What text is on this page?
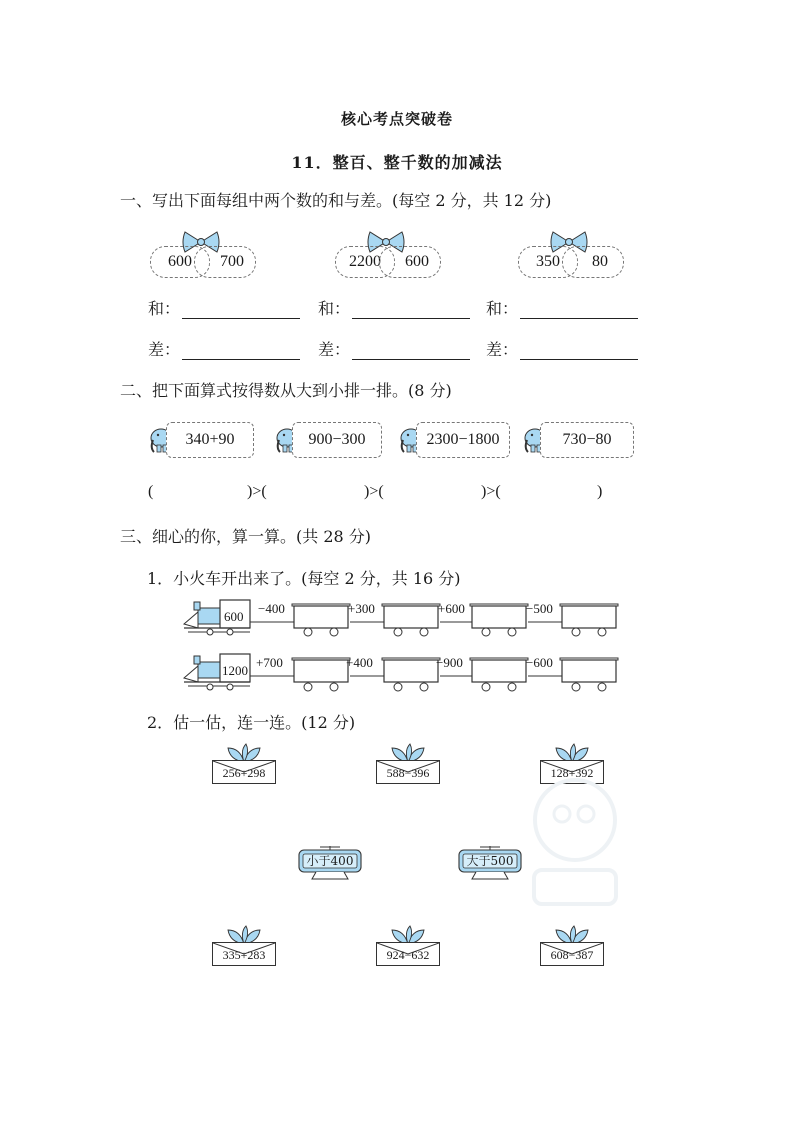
核心考点突破卷
11．整百、整千数的加减法
一、写出下面每组中两个数的和与差。(每空 2 分，共 12 分)
600	700	2200	600	350	80
和：	和：	和：
差：	差：	差：
二、把下面算式按得数从大到小排一排。(8 分)
340+90	900−300	2300−1800	730−80
(	)>(	)>(	)>(	)
三、细心的你，算一算。(共 28 分)
1．小火车开出来了。(每空 2 分，共 16 分)
600
−400	+300	+600	−500
1200
+700	+400	−900	−600
2．估一估，连一连。(12 分)
256+298	588−396	128+392
小于400	大于500
335+283	924−632	608−387
